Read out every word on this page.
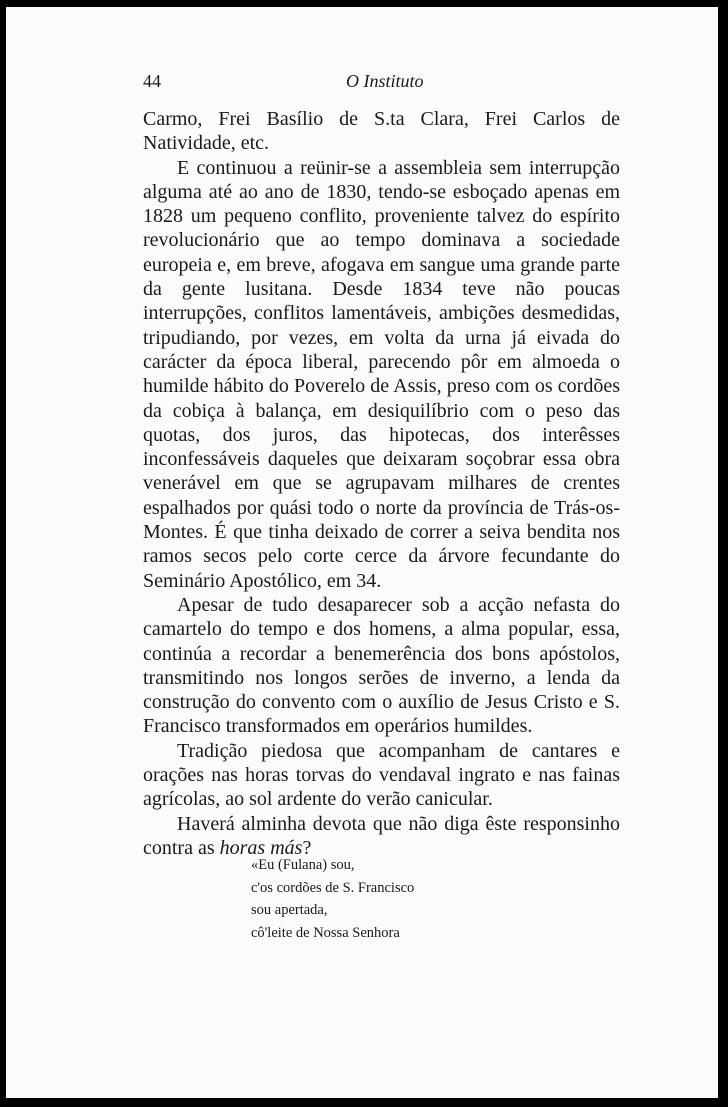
44	O Instituto

Carmo, Frei Basílio de S.ta Clara, Frei Carlos de Natividade, etc.

E continuou a reünir-se a assembleia sem interrupção alguma até ao ano de 1830, tendo-se esboçado apenas em 1828 um pequeno conflito, proveniente talvez do espírito revolucionário que ao tempo dominava a sociedade europeia e, em breve, afogava em sangue uma grande parte da gente lusitana. Desde 1834 teve não poucas interrupções, conflitos lamentáveis, ambições desmedidas, tripudiando, por vezes, em volta da urna já eivada do carácter da época liberal, parecendo pôr em almoeda o humilde hábito do Poverelo de Assis, preso com os cordões da cobiça à balança, em desiquilíbrio com o peso das quotas, dos juros, das hipotecas, dos interêsses inconfessáveis daqueles que deixaram soçobrar essa obra venerável em que se agrupavam milhares de crentes espalhados por quási todo o norte da província de Trás-os-Montes. É que tinha deixado de correr a seiva bendita nos ramos secos pelo corte cerce da árvore fecundante do Seminário Apostólico, em 34.

Apesar de tudo desaparecer sob a acção nefasta do camartelo do tempo e dos homens, a alma popular, essa, continúa a recordar a benemerência dos bons apóstolos, transmitindo nos longos serões de inverno, a lenda da construção do convento com o auxílio de Jesus Cristo e S. Francisco transformados em operários humildes.

Tradição piedosa que acompanham de cantares e orações nas horas torvas do vendaval ingrato e nas fainas agrícolas, ao sol ardente do verão canicular.

Haverá alminha devota que não diga êste responsinho contra as horas más?

«Eu (Fulana) sou,
c'os cordões de S. Francisco
sou apertada,
cô'leite de Nossa Senhora
